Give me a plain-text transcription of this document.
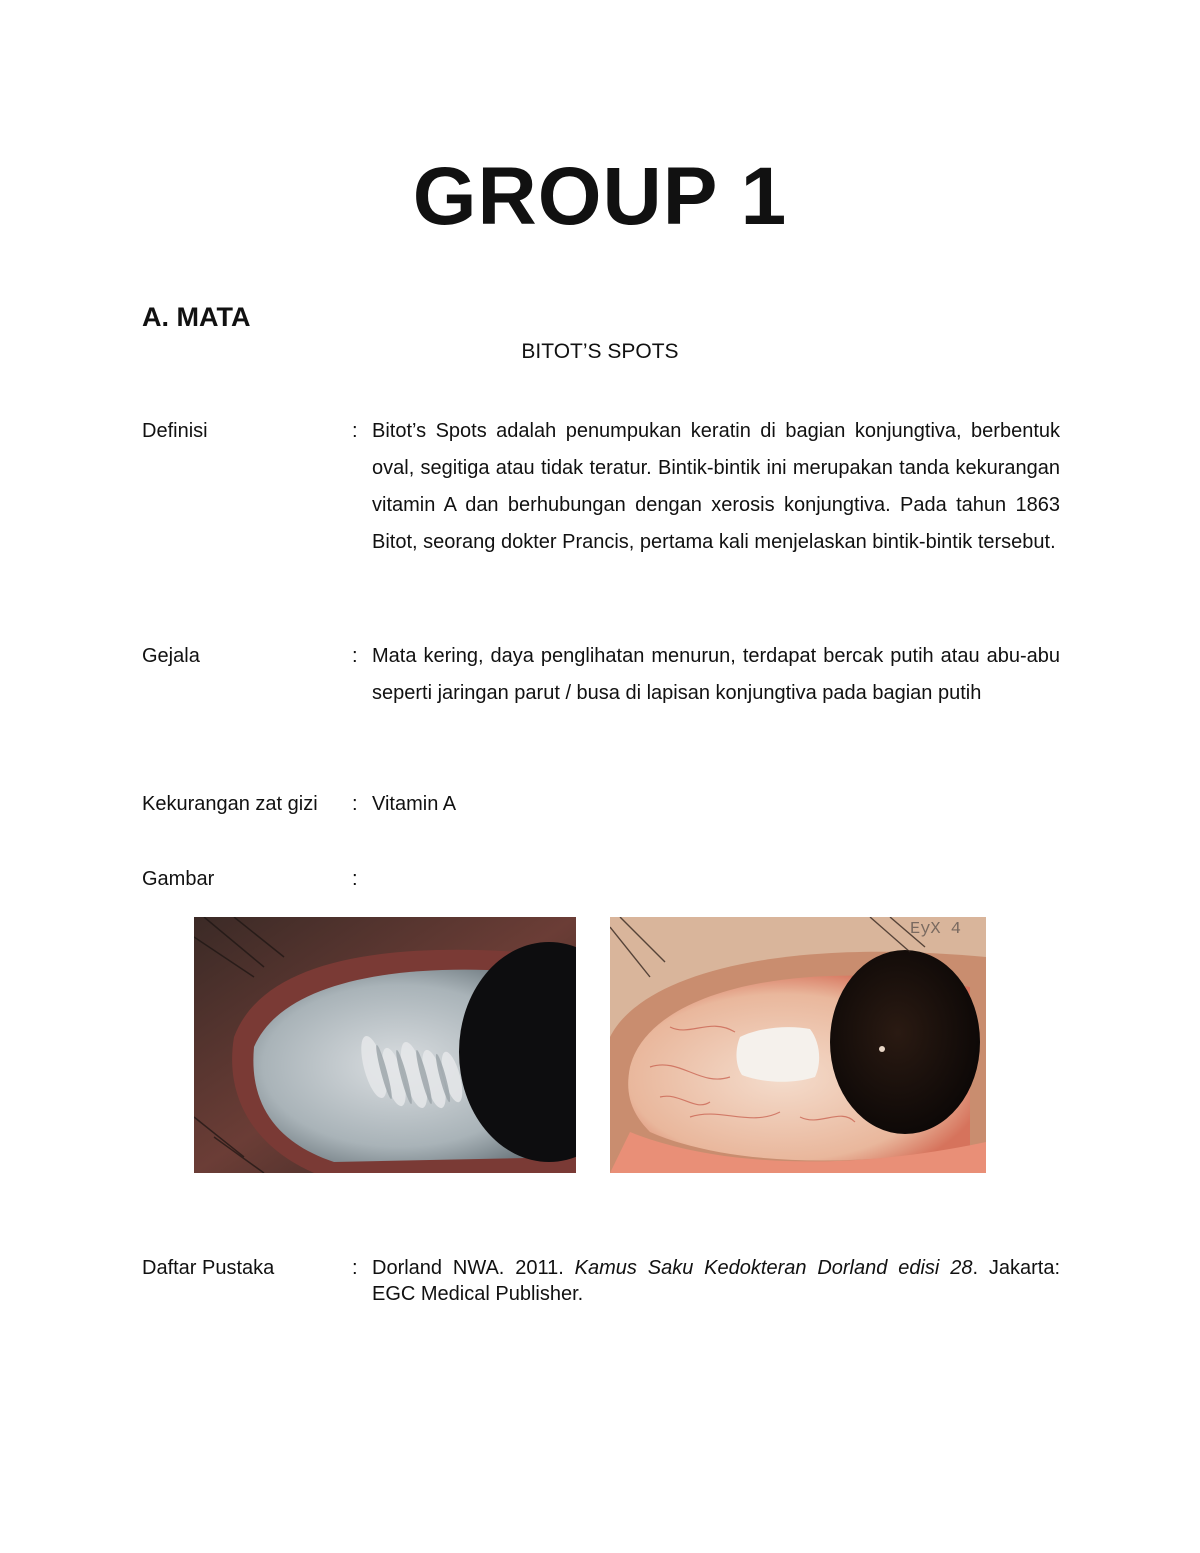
GROUP 1
A. MATA
BITOT’S SPOTS
Definisi	: Bitot’s Spots adalah penumpukan keratin di bagian konjungtiva, berbentuk oval, segitiga atau tidak teratur. Bintik-bintik ini merupakan tanda kekurangan vitamin A dan berhubungan dengan xerosis konjungtiva. Pada tahun 1863 Bitot, seorang dokter Prancis, pertama kali menjelaskan bintik-bintik tersebut.
Gejala	: Mata kering, daya penglihatan menurun, terdapat bercak putih atau abu-abu seperti jaringan parut / busa di lapisan konjungtiva pada bagian putih
Kekurangan zat gizi : Vitamin A
Gambar	:
EyX 4
Daftar Pustaka	: Dorland NWA. 2011. Kamus Saku Kedokteran Dorland edisi 28. Jakarta: EGC Medical Publisher.
